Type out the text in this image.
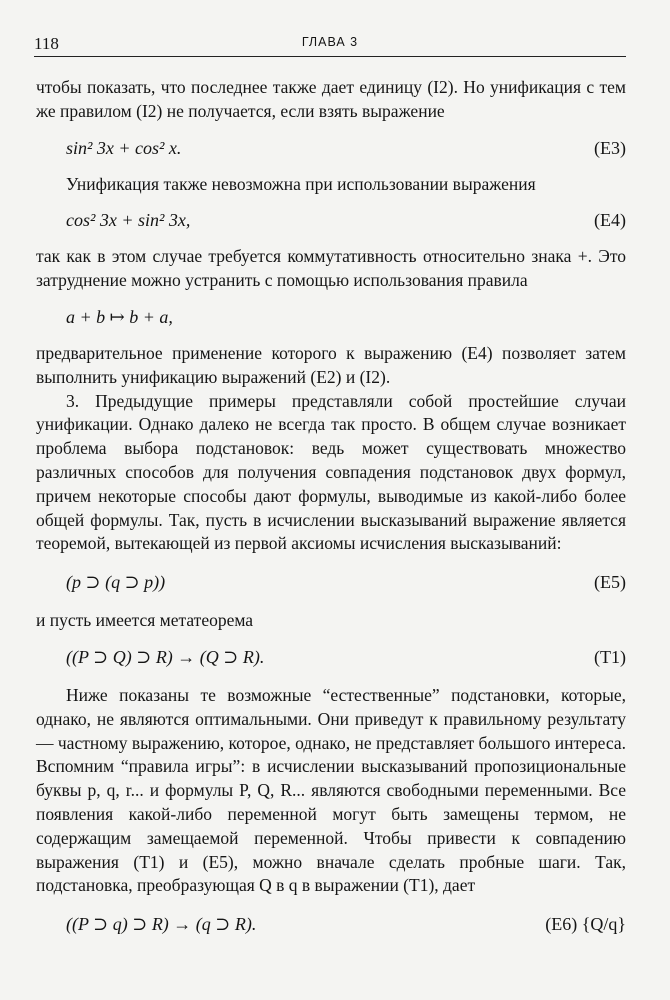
118	ГЛАВА 3

чтобы показать, что последнее также дает единицу (I2). Но унификация с тем же правилом (I2) не получается, если взять выражение

sin² 3x + cos² x.	(E3)

Унификация также невозможна при использовании выражения

cos² 3x + sin² 3x,	(E4)

так как в этом случае требуется коммутативность относительно знака +. Это затруднение можно устранить с помощью использования правила

a + b ↦ b + a,

предварительное применение которого к выражению (E4) позволяет затем выполнить унификацию выражений (E2) и (I2).

3. Предыдущие примеры представляли собой простейшие случаи унификации. Однако далеко не всегда так просто. В общем случае возникает проблема выбора подстановок: ведь может существовать множество различных способов для получения совпадения подстановок двух формул, причем некоторые способы дают формулы, выводимые из какой-либо более общей формулы. Так, пусть в исчислении высказываний выражение является теоремой, вытекающей из первой аксиомы исчисления высказываний:

(p ⊃ (q ⊃ p))	(E5)

и пусть имеется метатеорема

((P ⊃ Q) ⊃ R) → (Q ⊃ R).	(T1)

Ниже показаны те возможные “естественные” подстановки, которые, однако, не являются оптимальными. Они приведут к правильному результату — частному выражению, которое, однако, не представляет большого интереса. Вспомним “правила игры”: в исчислении высказываний пропозициональные буквы p, q, r... и формулы P, Q, R... являются свободными переменными. Все появления какой-либо переменной могут быть замещены термом, не содержащим замещаемой переменной. Чтобы привести к совпадению выражения (T1) и (E5), можно вначале сделать пробные шаги. Так, подстановка, преобразующая Q в q в выражении (T1), дает

((P ⊃ q) ⊃ R) → (q ⊃ R).	(E6) {Q/q}
